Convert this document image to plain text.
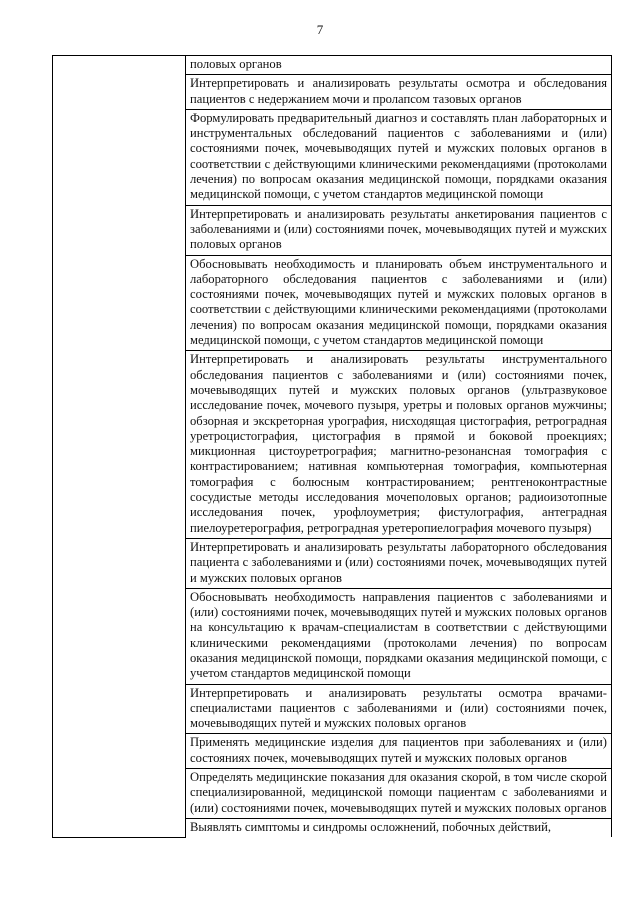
7
	половых органов
Интерпретировать и анализировать результаты осмотра и обследования пациентов с недержанием мочи и пролапсом тазовых органов
Формулировать предварительный диагноз и составлять план лабораторных и инструментальных обследований пациентов с заболеваниями и (или) состояниями почек, мочевыводящих путей и мужских половых органов в соответствии с действующими клиническими рекомендациями (протоколами лечения) по вопросам оказания медицинской помощи, порядками оказания медицинской помощи, с учетом стандартов медицинской помощи
Интерпретировать и анализировать результаты анкетирования пациентов с заболеваниями и (или) состояниями почек, мочевыводящих путей и мужских половых органов
Обосновывать необходимость и планировать объем инструментального и лабораторного обследования пациентов с заболеваниями и (или) состояниями почек, мочевыводящих путей и мужских половых органов в соответствии с действующими клиническими рекомендациями (протоколами лечения) по вопросам оказания медицинской помощи, порядками оказания медицинской помощи, с учетом стандартов медицинской помощи
Интерпретировать и анализировать результаты инструментального обследования пациентов с заболеваниями и (или) состояниями почек, мочевыводящих путей и мужских половых органов (ультразвуковое исследование почек, мочевого пузыря, уретры и половых органов мужчины; обзорная и экскреторная урография, нисходящая цистография, ретроградная уретроцистография, цистография в прямой и боковой проекциях; микционная цистоуретрография; магнитно-резонансная томография с контрастированием; нативная компьютерная томография, компьютерная томография с болюсным контрастированием; рентгеноконтрастные сосудистые методы исследования мочеполовых органов; радиоизотопные исследования почек, урофлоуметрия; фистулография, антеградная пиелоуретерография, ретроградная уретеропиелография мочевого пузыря)
Интерпретировать и анализировать результаты лабораторного обследования пациента с заболеваниями и (или) состояниями почек, мочевыводящих путей и мужских половых органов
Обосновывать необходимость направления пациентов с заболеваниями и (или) состояниями почек, мочевыводящих путей и мужских половых органов на консультацию к врачам-специалистам в соответствии с действующими клиническими рекомендациями (протоколами лечения) по вопросам оказания медицинской помощи, порядками оказания медицинской помощи, с учетом стандартов медицинской помощи
Интерпретировать и анализировать результаты осмотра врачами-специалистами пациентов с заболеваниями и (или) состояниями почек, мочевыводящих путей и мужских половых органов
Применять медицинские изделия для пациентов при заболеваниях и (или) состояниях почек, мочевыводящих путей и мужских половых органов
Определять медицинские показания для оказания скорой, в том числе скорой специализированной, медицинской помощи пациентам с заболеваниями и (или) состояниями почек, мочевыводящих путей и мужских половых органов
Выявлять симптомы и синдромы осложнений, побочных действий,
